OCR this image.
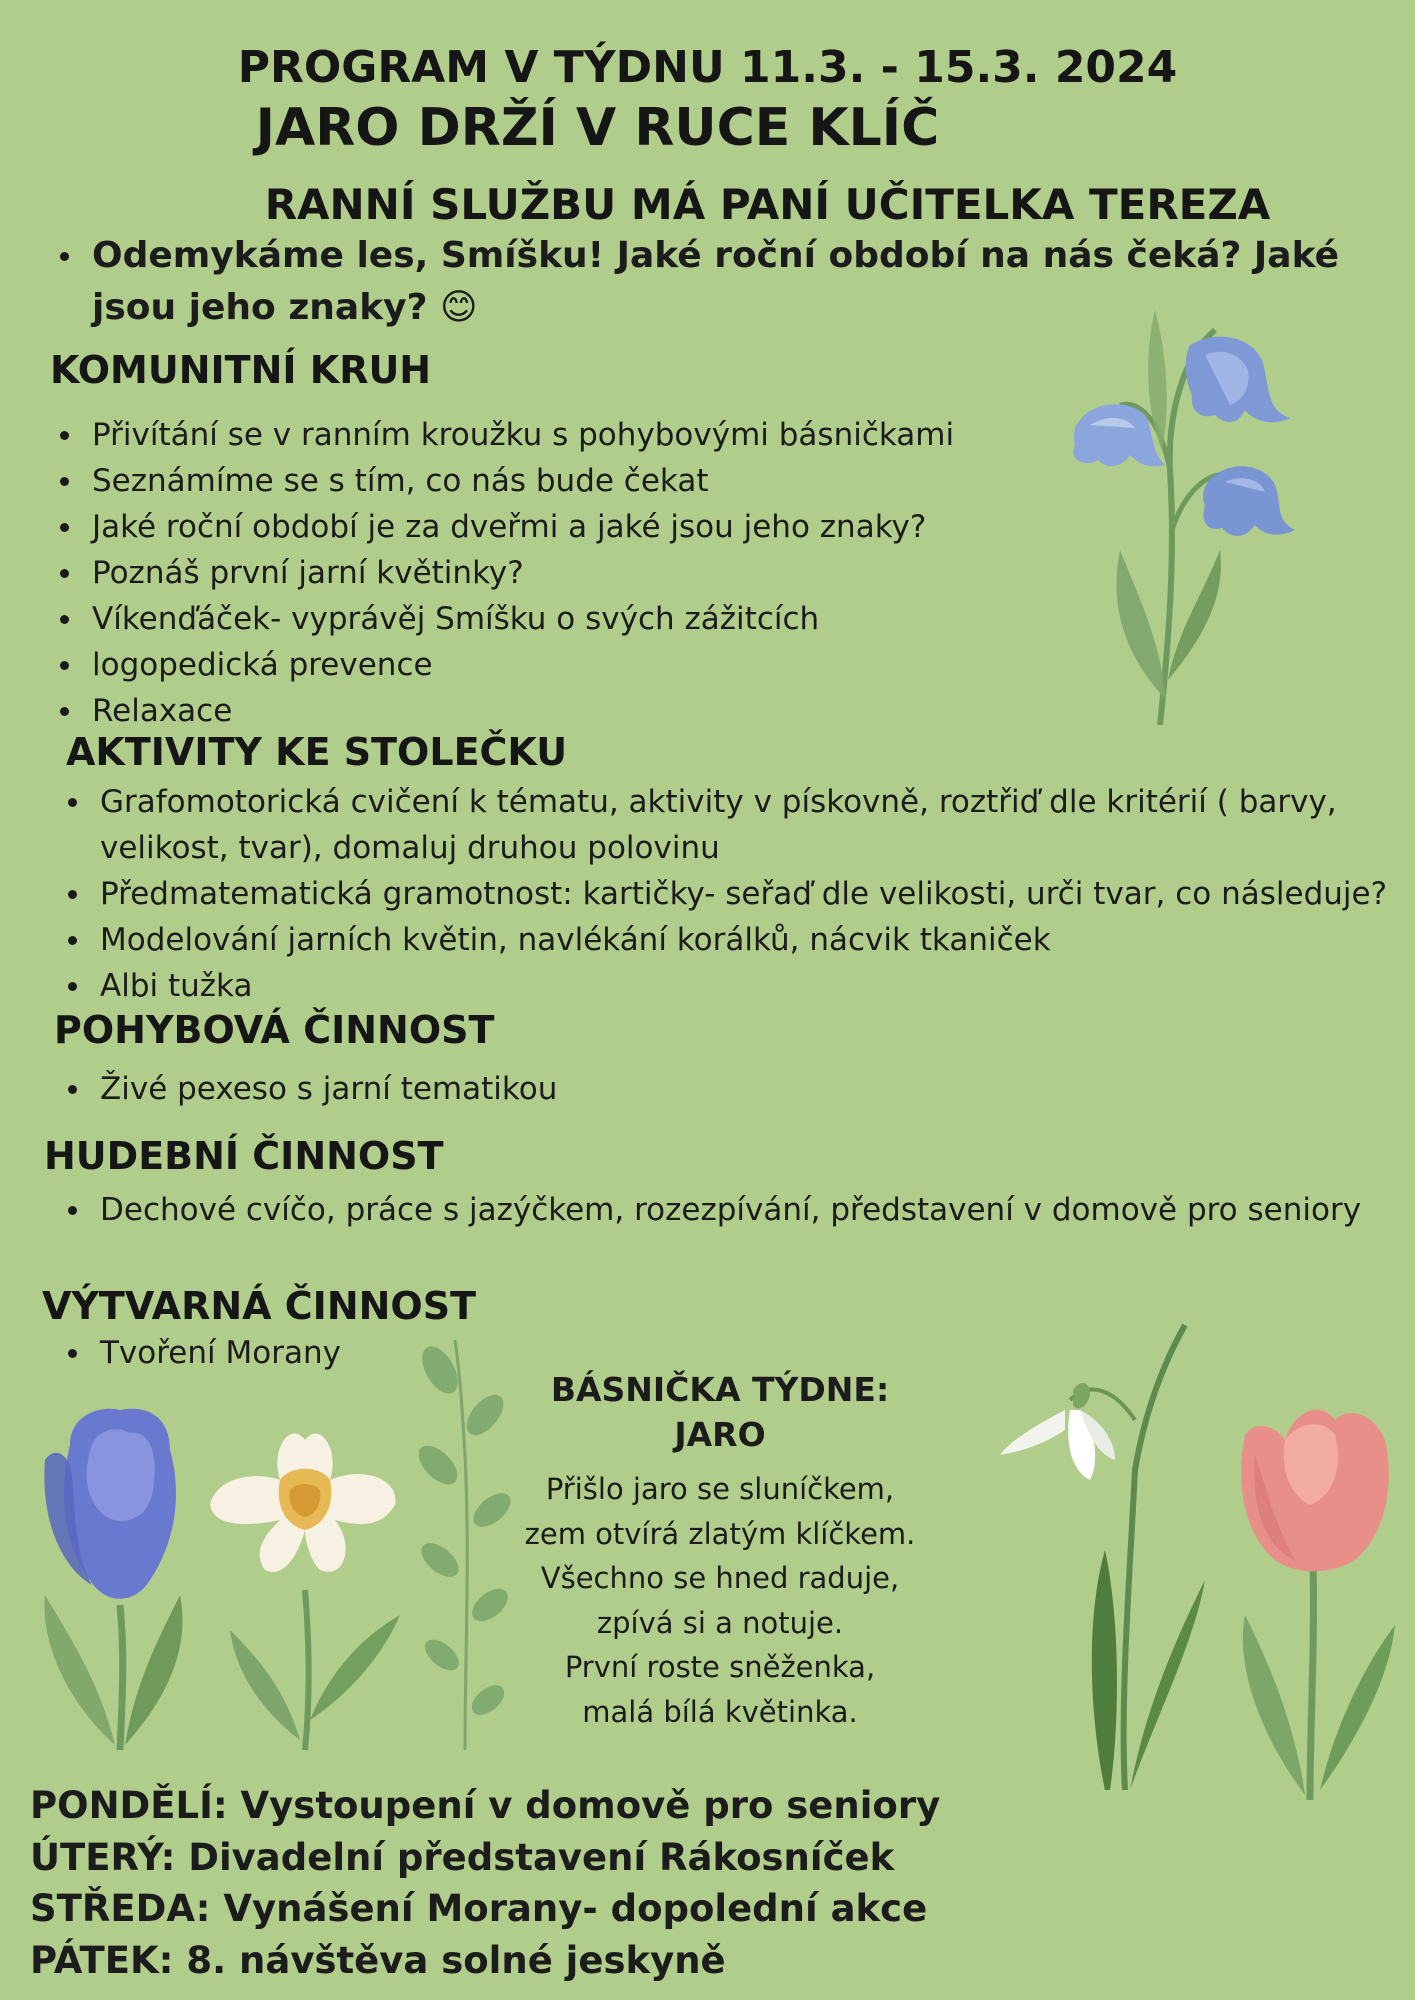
PROGRAM V TÝDNU 11.3. - 15.3. 2024
JARO DRŽÍ V RUCE KLÍČ
RANNÍ SLUŽBU MÁ PANÍ UČITELKA TEREZA
Odemykáme les, Smíšku! Jaké roční období na nás čeká? Jaké jsou jeho znaky? 😊
KOMUNITNÍ KRUH
Přivítání se v ranním kroužku s pohybovými básničkami
Seznámíme se s tím, co nás bude čekat
Jaké roční období je za dveřmi a jaké jsou jeho znaky?
Poznáš první jarní květinky?
Víkenďáček- vyprávěj Smíšku o svých zážitcích
logopedická prevence
Relaxace
AKTIVITY KE STOLEČKU
Grafomotorická cvičení k tématu, aktivity v pískovně, roztřiď dle kritérií ( barvy, velikost, tvar), domaluj druhou polovinu
Předmatematická gramotnost: kartičky- seřaď dle velikosti, urči tvar, co následuje?
Modelování jarních květin, navlékání korálků, nácvik tkaniček
Albi tužka
POHYBOVÁ ČINNOST
Živé pexeso s jarní tematikou
HUDEBNÍ ČINNOST
Dechové cvíčo, práce s jazýčkem, rozezpívání, představení v domově pro seniory
VÝTVARNÁ ČINNOST
Tvoření Morany
BÁSNIČKA TÝDNE: JARO
Přišlo jaro se sluníčkem,
zem otvírá zlatým klíčkem.
Všechno se hned raduje,
zpívá si a notuje.
První roste sněženka,
malá bílá květinka.
PONDĚLÍ: Vystoupení v domově pro seniory
ÚTERÝ: Divadelní představení Rákosníček
STŘEDA: Vynášení Morany- dopolední akce
PÁTEK: 8. návštěva solné jeskyně
